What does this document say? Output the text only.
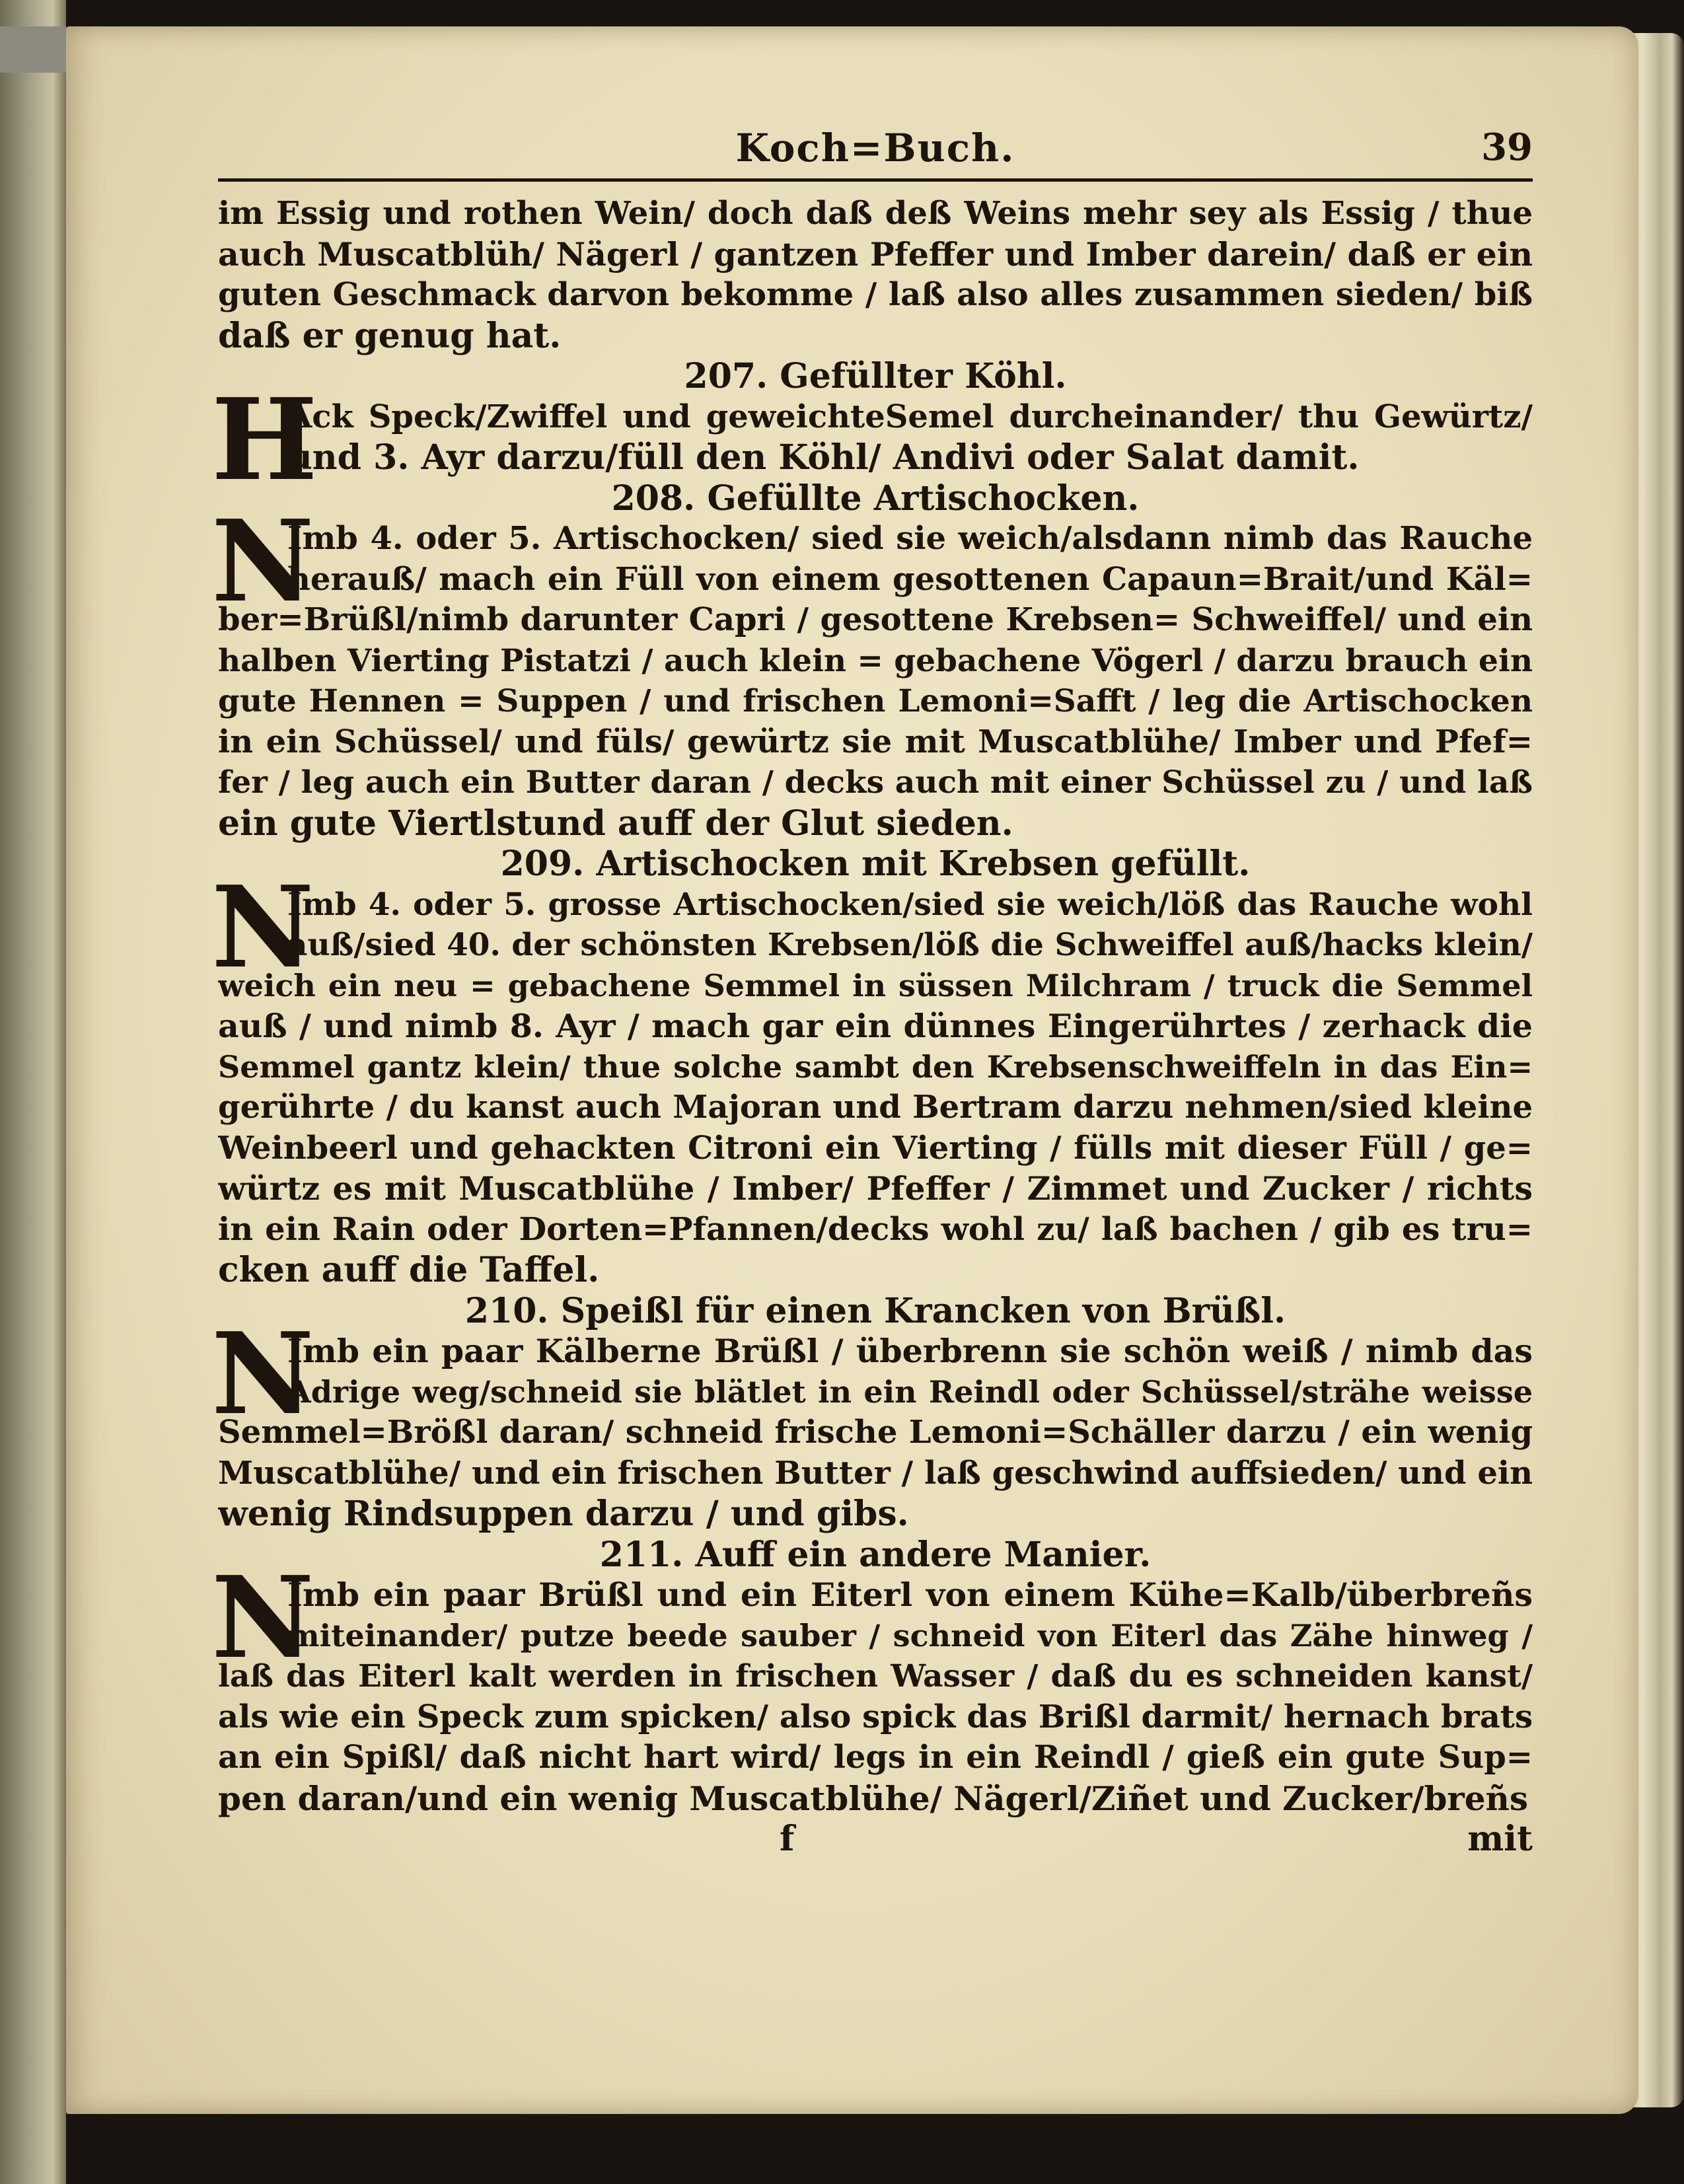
Koch=Buch.	39
im Essig und rothen Wein/ doch daß deß Weins mehr sey als Essig / thue
auch Muscatblüh/ Nägerl / gantzen Pfeffer und Imber darein/ daß er ein
guten Geschmack darvon bekomme / laß also alles zusammen sieden/ biß
daß er genug hat.
207. Gefüllter Köhl.
H
Ack Speck/Zwiffel und geweichteSemel durcheinander/ thu Gewürtz/
und 3. Ayr darzu/füll den Köhl/ Andivi oder Salat damit.
208. Gefüllte Artischocken.
N
Imb 4. oder 5. Artischocken/ sied sie weich/alsdann nimb das Rauche
herauß/ mach ein Füll von einem gesottenen Capaun=Brait/und Käl=
ber=Brüßl/nimb darunter Capri / gesottene Krebsen= Schweiffel/ und ein
halben Vierting Pistatzi / auch klein = gebachene Vögerl / darzu brauch ein
gute Hennen = Suppen / und frischen Lemoni=Safft / leg die Artischocken
in ein Schüssel/ und füls/ gewürtz sie mit Muscatblühe/ Imber und Pfef=
fer / leg auch ein Butter daran / decks auch mit einer Schüssel zu / und laß
ein gute Viertlstund auff der Glut sieden.
209. Artischocken mit Krebsen gefüllt.
N
Imb 4. oder 5. grosse Artischocken/sied sie weich/löß das Rauche wohl
auß/sied 40. der schönsten Krebsen/löß die Schweiffel auß/hacks klein/
weich ein neu = gebachene Semmel in süssen Milchram / truck die Semmel
auß / und nimb 8. Ayr / mach gar ein dünnes Eingerührtes / zerhack die
Semmel gantz klein/ thue solche sambt den Krebsenschweiffeln in das Ein=
gerührte / du kanst auch Majoran und Bertram darzu nehmen/sied kleine
Weinbeerl und gehackten Citroni ein Vierting / fülls mit dieser Füll / ge=
würtz es mit Muscatblühe / Imber/ Pfeffer / Zimmet und Zucker / richts
in ein Rain oder Dorten=Pfannen/decks wohl zu/ laß bachen / gib es tru=
cken auff die Taffel.
210. Speißl für einen Krancken von Brüßl.
N
Imb ein paar Kälberne Brüßl / überbrenn sie schön weiß / nimb das
Adrige weg/schneid sie blätlet in ein Reindl oder Schüssel/strähe weisse
Semmel=Brößl daran/ schneid frische Lemoni=Schäller darzu / ein wenig
Muscatblühe/ und ein frischen Butter / laß geschwind auffsieden/ und ein
wenig Rindsuppen darzu / und gibs.
211. Auff ein andere Manier.
N
Imb ein paar Brüßl und ein Eiterl von einem Kühe=Kalb/überbreñs
miteinander/ putze beede sauber / schneid von Eiterl das Zähe hinweg /
laß das Eiterl kalt werden in frischen Wasser / daß du es schneiden kanst/
als wie ein Speck zum spicken/ also spick das Brißl darmit/ hernach brats
an ein Spißl/ daß nicht hart wird/ legs in ein Reindl / gieß ein gute Sup=
pen daran/und ein wenig Muscatblühe/ Nägerl/Ziñet und Zucker/breñs
f	mit
